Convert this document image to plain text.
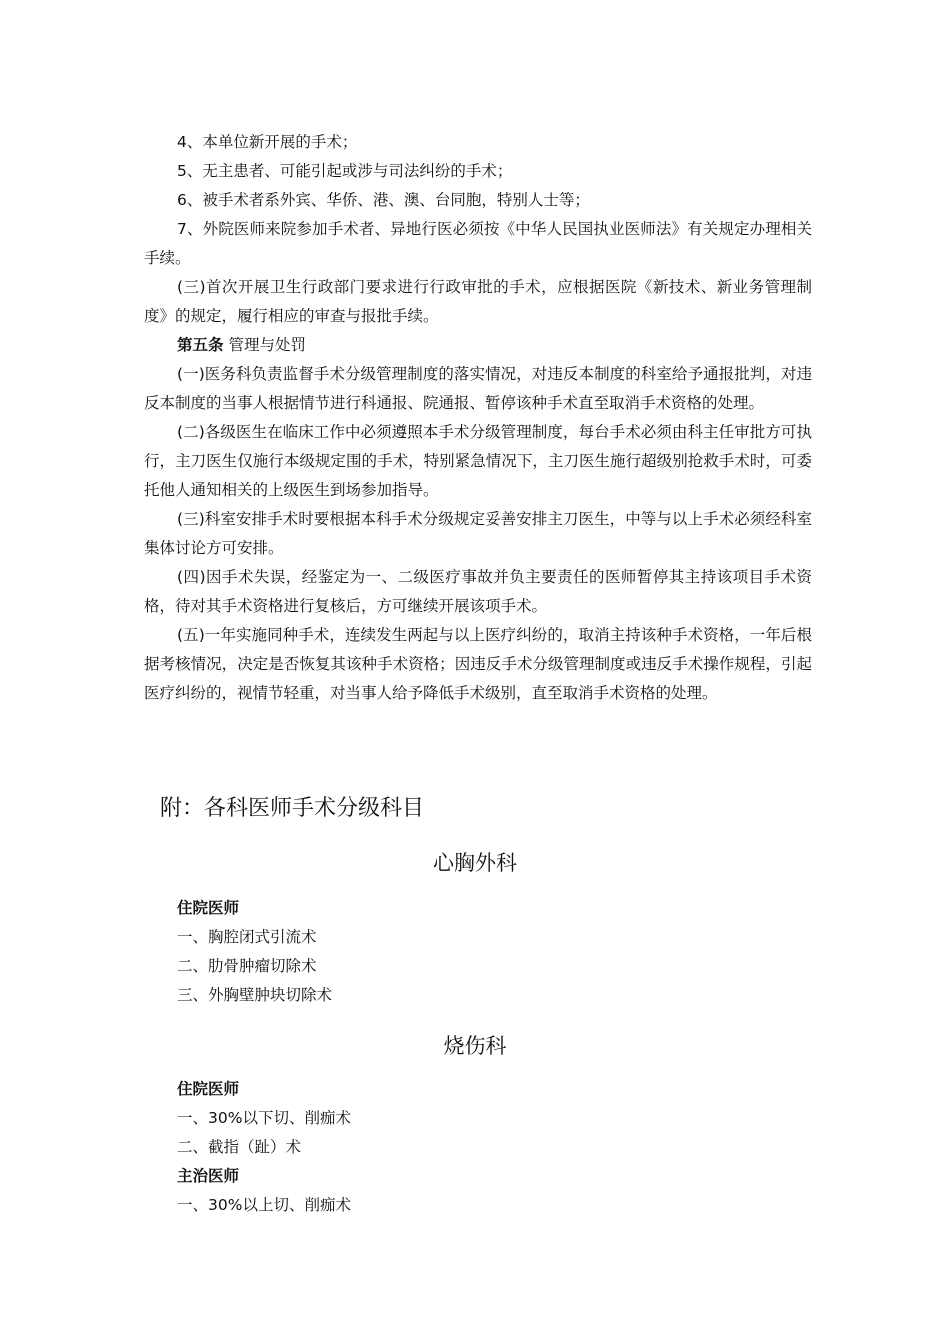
4、本单位新开展的手术；

5、无主患者、可能引起或涉与司法纠纷的手术；

6、被手术者系外宾、华侨、港、澳、台同胞，特别人士等；

7、外院医师来院参加手术者、异地行医必须按《中华人民国执业医师法》有关规定办理相关手续。

(三)首次开展卫生行政部门要求进行行政审批的手术，应根据医院《新技术、新业务管理制度》的规定，履行相应的审查与报批手续。

第五条 管理与处罚

(一)医务科负责监督手术分级管理制度的落实情况，对违反本制度的科室给予通报批判，对违反本制度的当事人根据情节进行科通报、院通报、暂停该种手术直至取消手术资格的处理。

(二)各级医生在临床工作中必须遵照本手术分级管理制度，每台手术必须由科主任审批方可执行，主刀医生仅施行本级规定围的手术，特别紧急情况下，主刀医生施行超级别抢救手术时，可委托他人通知相关的上级医生到场参加指导。

(三)科室安排手术时要根据本科手术分级规定妥善安排主刀医生，中等与以上手术必须经科室集体讨论方可安排。

(四)因手术失误，经鉴定为一、二级医疗事故并负主要责任的医师暂停其主持该项目手术资格，待对其手术资格进行复核后，方可继续开展该项手术。

(五)一年实施同种手术，连续发生两起与以上医疗纠纷的，取消主持该种手术资格，一年后根据考核情况，决定是否恢复其该种手术资格；因违反手术分级管理制度或违反手术操作规程，引起医疗纠纷的，视情节轻重，对当事人给予降低手术级别，直至取消手术资格的处理。

附：各科医师手术分级科目

心胸外科

住院医师

一、胸腔闭式引流术

二、肋骨肿瘤切除术

三、外胸壁肿块切除术

烧伤科

住院医师

一、30%以下切、削痂术

二、截指（趾）术

主治医师

一、30%以上切、削痂术
